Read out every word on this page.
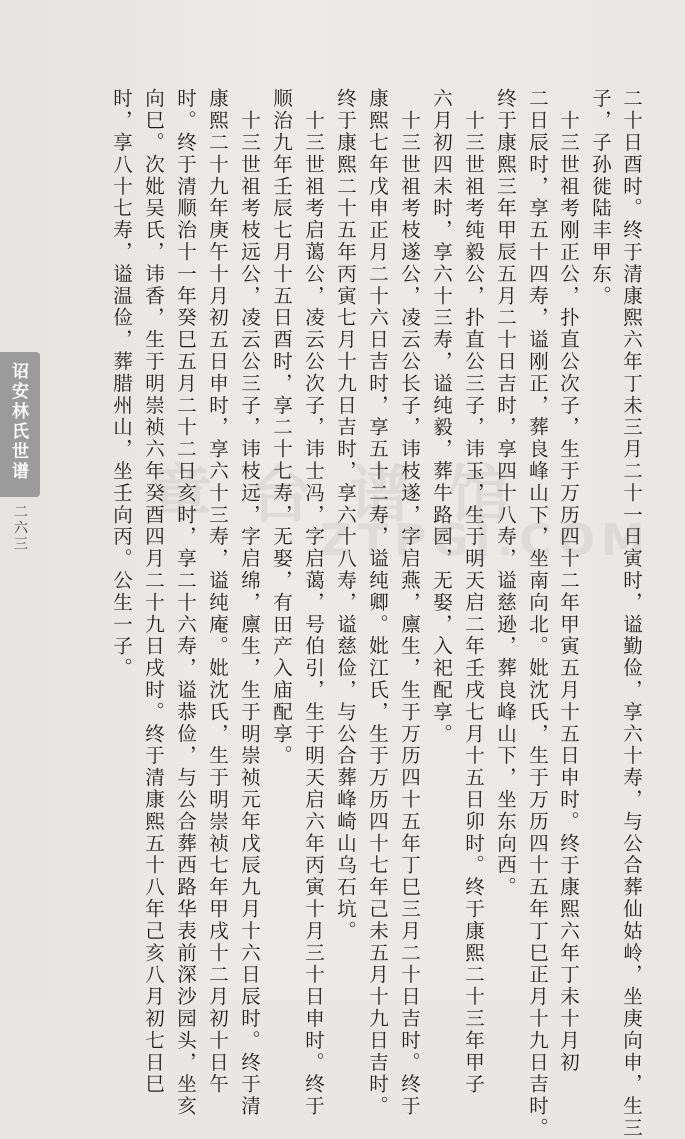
章 台 谱 馆
ZTPGJ.COM
二十日酉时。终于清康熙六年丁未三月二十一日寅时，谥勤俭，享六十寿，与公合葬仙姑岭，坐庚向申，生三
子，子孙徙陆丰甲东。
　十三世祖考刚正公，扑直公次子，生于万历四十二年甲寅五月十五日申时。终于康熙六年丁未十月初
二日辰时，享五十四寿，谥刚正，葬良峰山下，坐南向北。妣沈氏，生于万历四十五年丁巳正月十九日吉时。
终于康熙三年甲辰五月二十日吉时，享四十八寿，谥慈逊，葬良峰山下，坐东向西。
　十三世祖考纯毅公，扑直公三子，讳玉，生于明天启二年壬戌七月十五日卯时。终于康熙二十三年甲子
六月初四未时，享六十三寿，谥纯毅，葬牛路园，无娶，入祀配享。
　十三世祖考枝遂公，凌云公长子，讳枝遂，字启燕，廪生，生于万历四十五年丁巳三月二十日吉时。终于
康熙七年戊申正月二十六日吉时，享五十二寿，谥纯卿。妣江氏，生于万历四十七年己未五月十九日吉时。
终于康熙二十五年丙寅七月十九日吉时，享六十八寿，谥慈俭，与公合葬峰崎山乌石坑。
　十三世祖考启蔼公，凌云公次子，讳士冯，字启蔼，号伯引，生于明天启六年丙寅十月三十日申时。终于
顺治九年壬辰七月十五日酉时，享二十七寿，无娶，有田产入庙配享。
　十三世祖考枝远公，凌云公三子，讳枝远，字启绵，廪生，生于明崇祯元年戊辰九月十六日辰时。终于清
康熙二十九年庚午十月初五日申时，享六十三寿，谥纯庵。妣沈氏，生于明崇祯七年甲戌十二月初十日午
时。终于清顺治十一年癸巳五月二十二日亥时，享二十六寿，谥恭俭，与公合葬西路华表前深沙园头，坐亥
向巳。次妣吴氏，讳香，生于明崇祯六年癸酉四月二十九日戌时。终于清康熙五十八年己亥八月初七日巳
时，享八十七寿，谥温俭，葬腊州山，坐壬向丙。公生一子。
诏安林氏世谱
二六三
